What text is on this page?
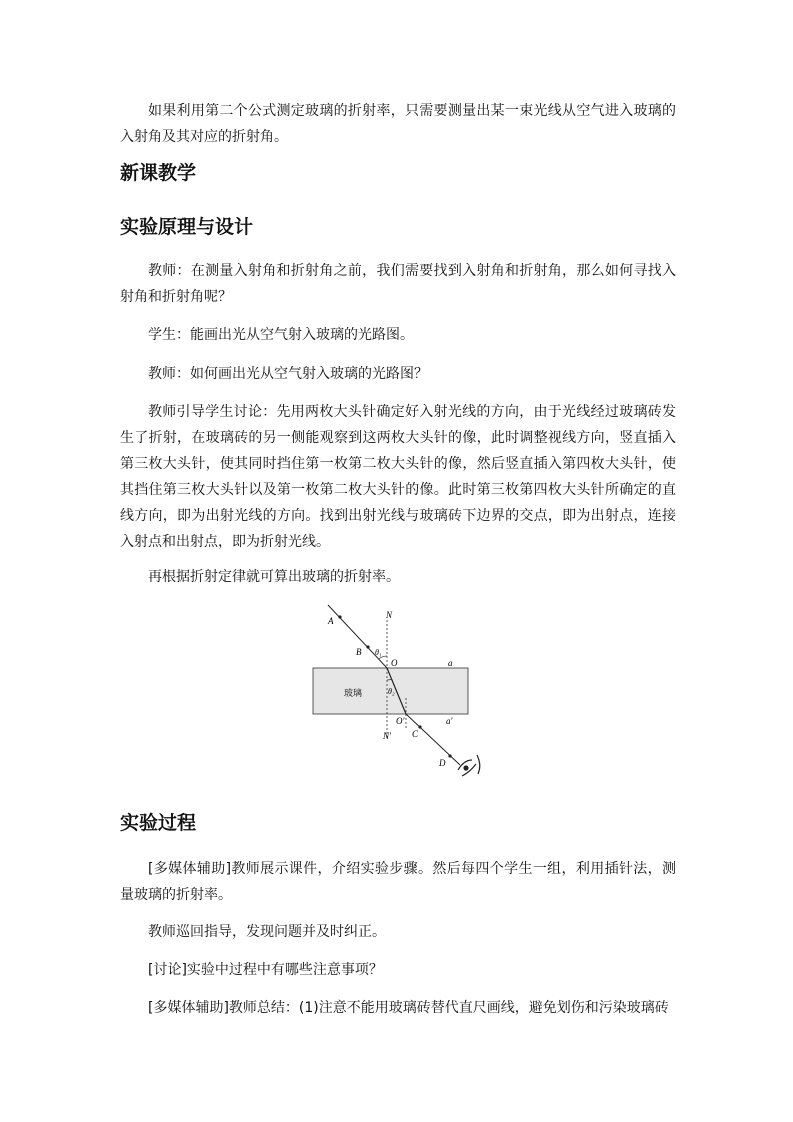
如果利用第二个公式测定玻璃的折射率，只需要测量出某一束光线从空气进入玻璃的入射角及其对应的折射角。

新课教学
实验原理与设计

教师：在测量入射角和折射角之前，我们需要找到入射角和折射角，那么如何寻找入射角和折射角呢？

学生：能画出光从空气射入玻璃的光路图。

教师：如何画出光从空气射入玻璃的光路图？

教师引导学生讨论：先用两枚大头针确定好入射光线的方向，由于光线经过玻璃砖发生了折射，在玻璃砖的另一侧能观察到这两枚大头针的像，此时调整视线方向，竖直插入第三枚大头针，使其同时挡住第一枚第二枚大头针的像，然后竖直插入第四枚大头针，使其挡住第三枚大头针以及第一枚第二枚大头针的像。此时第三枚第四枚大头针所确定的直线方向，即为出射光线的方向。找到出射光线与玻璃砖下边界的交点，即为出射点，连接入射点和出射点，即为折射光线。

再根据折射定律就可算出玻璃的折射率。

A
B
N
θ₁
O	a
玻璃	θ₂
O′	a′
N′ C
D
实验过程

[多媒体辅助]教师展示课件，介绍实验步骤。然后每四个学生一组，利用插针法，测量玻璃的折射率。

教师巡回指导，发现问题并及时纠正。

[讨论]实验中过程中有哪些注意事项？

[多媒体辅助]教师总结：(1)注意不能用玻璃砖替代直尺画线，避免划伤和污染玻璃砖
